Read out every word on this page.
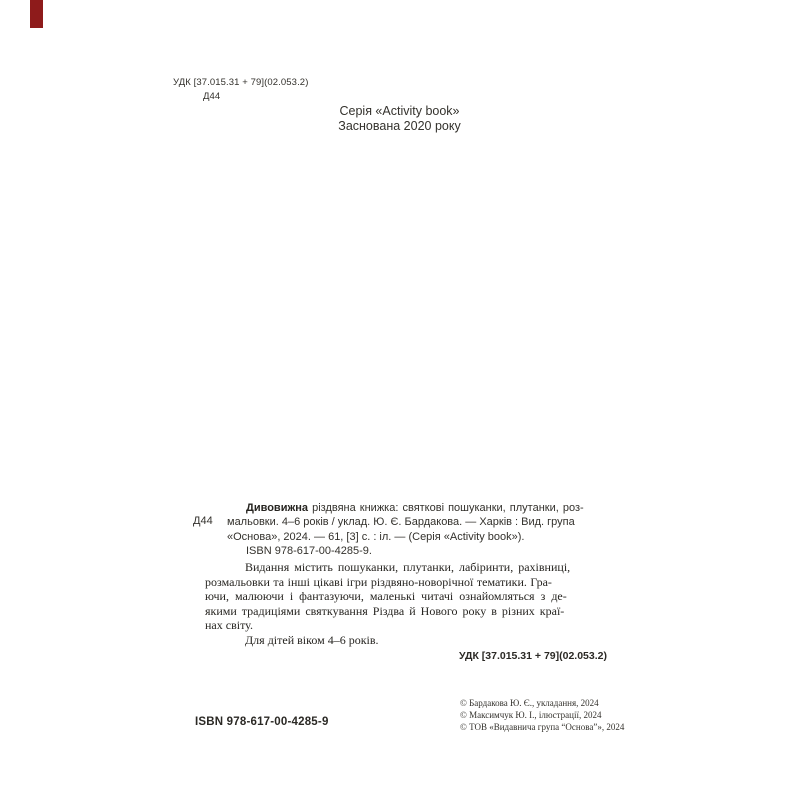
УДК [37.015.31 + 79](02.053.2)
Д44
Серія «Activity book»
Заснована 2020 року
Д44
Дивовижна різдвяна книжка: святкові пошуканки, плутанки, роз-
мальовки. 4–6 років / уклад. Ю. Є. Бардакова. — Харків : Вид. група
«Основа», 2024. — 61, [3] с. : іл. — (Серія «Activity book»).
ISBN 978-617-00-4285-9.
Видання містить пошуканки, плутанки, лабіринти, рахівниці,
розмальовки та інші цікаві ігри різдвяно-новорічної тематики. Гра-
ючи, малюючи і фантазуючи, маленькі читачі ознайомляться з де-
якими традиціями святкування Різдва й Нового року в різних краї-
нах світу.
Для дітей віком 4–6 років.
УДК [37.015.31 + 79](02.053.2)
ISBN 978-617-00-4285-9
© Бардакова Ю. Є., укладання, 2024
© Максимчук Ю. І., ілюстрації, 2024
© ТОВ «Видавнича група “Основа”», 2024
